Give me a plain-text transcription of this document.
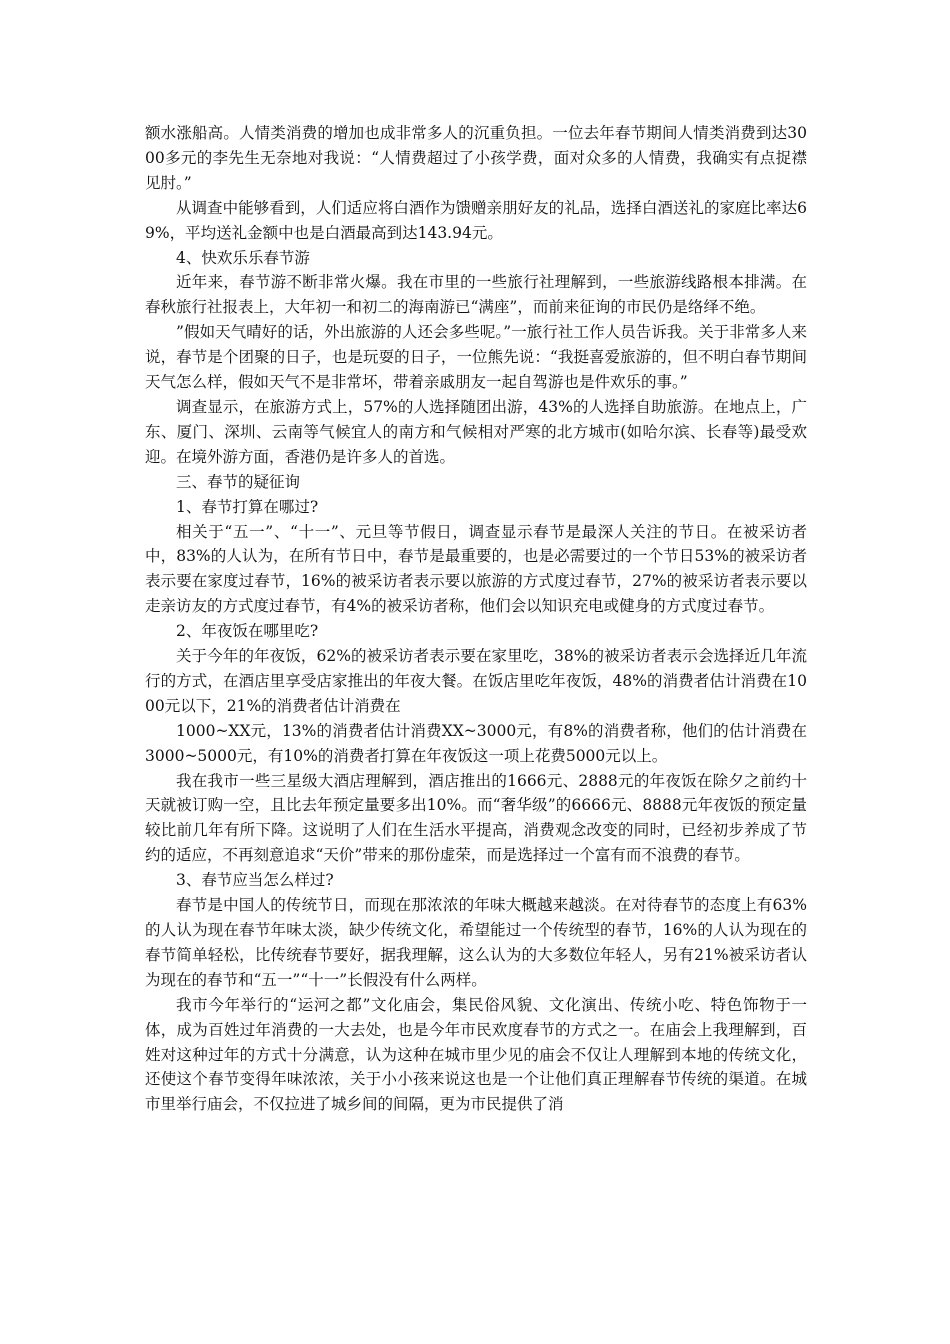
额水涨船高。人情类消费的增加也成非常多人的沉重负担。一位去年春节期间人情类消费到达3000多元的李先生无奈地对我说：“人情费超过了小孩学费，面对众多的人情费，我确实有点捉襟见肘。”

从调查中能够看到，人们适应将白酒作为馈赠亲朋好友的礼品，选择白酒送礼的家庭比率达69%，平均送礼金额中也是白酒最高到达143.94元。

4、快欢乐乐春节游

近年来，春节游不断非常火爆。我在市里的一些旅行社理解到，一些旅游线路根本排满。在春秋旅行社报表上，大年初一和初二的海南游已“满座”，而前来征询的市民仍是络绎不绝。

”假如天气晴好的话，外出旅游的人还会多些呢。”一旅行社工作人员告诉我。关于非常多人来说，春节是个团聚的日子，也是玩耍的日子，一位熊先说：“我挺喜爱旅游的，但不明白春节期间天气怎么样，假如天气不是非常坏，带着亲戚朋友一起自驾游也是件欢乐的事。”

调查显示，在旅游方式上，57%的人选择随团出游，43%的人选择自助旅游。在地点上，广东、厦门、深圳、云南等气候宜人的南方和气候相对严寒的北方城市(如哈尔滨、长春等)最受欢迎。在境外游方面，香港仍是许多人的首选。

三、春节的疑征询

1、春节打算在哪过?

相关于“五一”、“十一”、元旦等节假日，调查显示春节是最深人关注的节日。在被采访者中，83%的人认为，在所有节日中，春节是最重要的，也是必需要过的一个节日53%的被采访者表示要在家度过春节，16%的被采访者表示要以旅游的方式度过春节，27%的被采访者表示要以走亲访友的方式度过春节，有4%的被采访者称，他们会以知识充电或健身的方式度过春节。

2、年夜饭在哪里吃?

关于今年的年夜饭，62%的被采访者表示要在家里吃，38%的被采访者表示会选择近几年流行的方式，在酒店里享受店家推出的年夜大餐。在饭店里吃年夜饭，48%的消费者估计消费在1000元以下，21%的消费者估计消费在

1000~XX元，13%的消费者估计消费XX~3000元，有8%的消费者称，他们的估计消费在3000~5000元，有10%的消费者打算在年夜饭这一项上花费5000元以上。

我在我市一些三星级大酒店理解到，酒店推出的1666元、2888元的年夜饭在除夕之前约十天就被订购一空，且比去年预定量要多出10%。而“奢华级”的6666元、8888元年夜饭的预定量较比前几年有所下降。这说明了人们在生活水平提高，消费观念改变的同时，已经初步养成了节约的适应，不再刻意追求“天价”带来的那份虚荣，而是选择过一个富有而不浪费的春节。

3、春节应当怎么样过?

春节是中国人的传统节日，而现在那浓浓的年味大概越来越淡。在对待春节的态度上有63%的人认为现在春节年味太淡，缺少传统文化，希望能过一个传统型的春节，16%的人认为现在的春节简单轻松，比传统春节要好，据我理解，这么认为的大多数位年轻人，另有21%被采访者认为现在的春节和“五一”“十一”长假没有什么两样。

我市今年举行的“运河之都”文化庙会，集民俗风貌、文化演出、传统小吃、特色饰物于一体，成为百姓过年消费的一大去处，也是今年市民欢度春节的方式之一。在庙会上我理解到，百姓对这种过年的方式十分满意，认为这种在城市里少见的庙会不仅让人理解到本地的传统文化，还使这个春节变得年味浓浓，关于小小孩来说这也是一个让他们真正理解春节传统的渠道。在城市里举行庙会，不仅拉进了城乡间的间隔，更为市民提供了消
